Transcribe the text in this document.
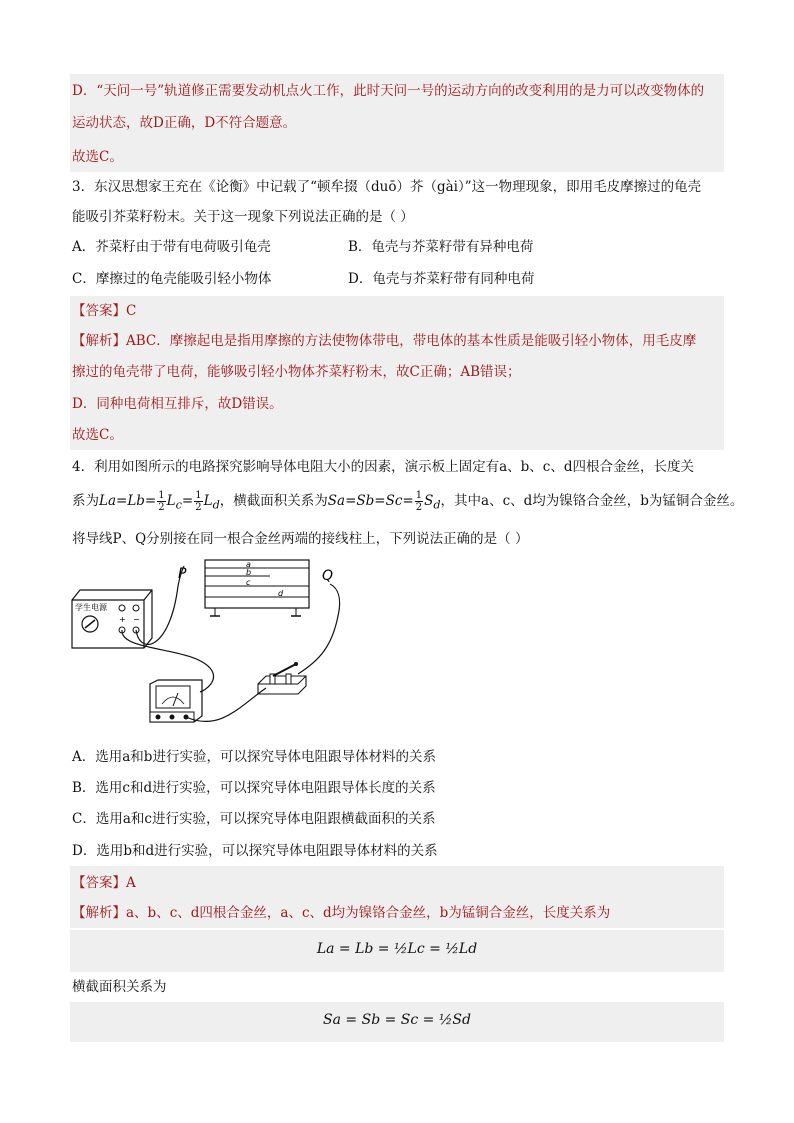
D．“天问一号”轨道修正需要发动机点火工作，此时天问一号的运动方向的改变利用的是力可以改变物体的
运动状态，故D正确，D不符合题意。
故选C。
3．东汉思想家王充在《论衡》中记载了“顿牟掇（duō）芥（gài）”这一物理现象，即用毛皮摩擦过的龟壳
能吸引芥菜籽粉末。关于这一现象下列说法正确的是（ ）
A．芥菜籽由于带有电荷吸引龟壳	B．龟壳与芥菜籽带有异种电荷
C．摩擦过的龟壳能吸引轻小物体	D．龟壳与芥菜籽带有同种电荷
【答案】C
【解析】ABC．摩擦起电是指用摩擦的方法使物体带电，带电体的基本性质是能吸引轻小物体，用毛皮摩
擦过的龟壳带了电荷，能够吸引轻小物体芥菜籽粉末，故C正确；AB错误；
D．同种电荷相互排斥，故D错误。
故选C。
4．利用如图所示的电路探究影响导体电阻大小的因素，演示板上固定有a、b、c、d四根合金丝，长度关
系为$La=Lb= \frac{1}{2} L_c= \frac{1}{2} L_d$，横截面积关系为$Sa=Sb=Sc= \frac{1}{2} S_d$，其中a、c、d均为镍铬合金丝，b为锰铜合金丝。
将导线P、Q分别接在同一根合金丝两端的接线柱上，下列说法正确的是（ ）
a
b
c
d
P	Q
学生电源
+ −
A．选用a和b进行实验，可以探究导体电阻跟导体材料的关系
B．选用c和d进行实验，可以探究导体电阻跟导体长度的关系
C．选用a和c进行实验，可以探究导体电阻跟横截面积的关系
D．选用b和d进行实验，可以探究导体电阻跟导体材料的关系
【答案】A
【解析】a、b、c、d四根合金丝，a、c、d均为镍铬合金丝，b为锰铜合金丝，长度关系为
La = Lb = ½Lc = ½Ld
横截面积关系为
Sa = Sb = Sc = ½Sd
